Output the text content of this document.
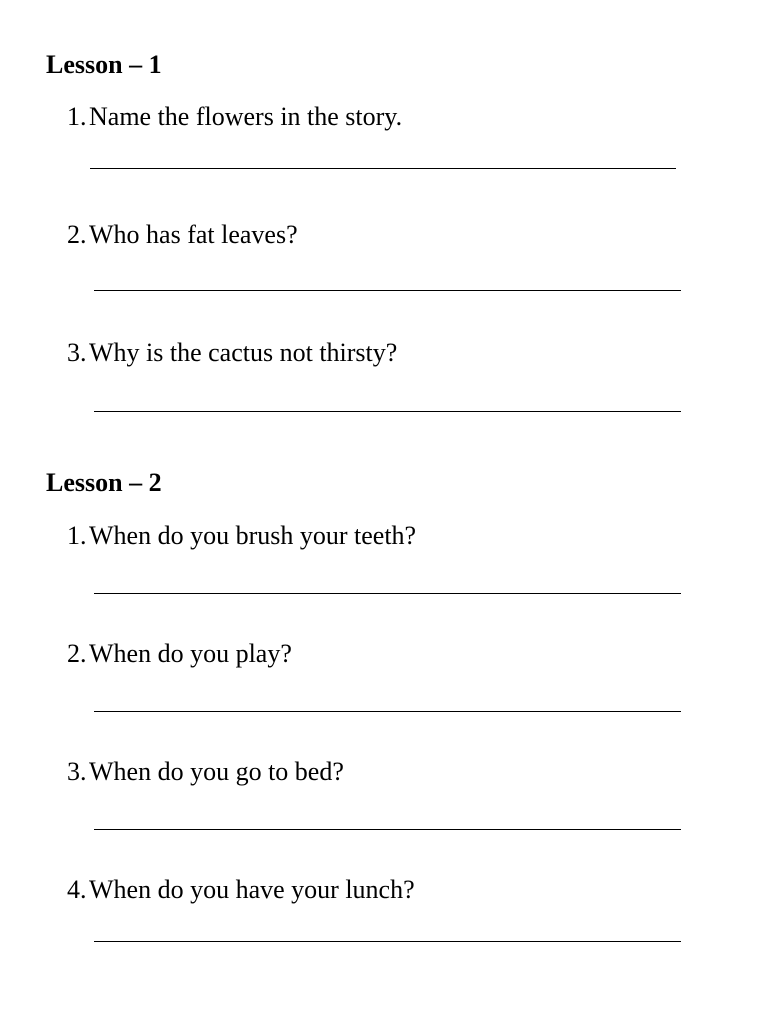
Lesson – 1
1.Name the flowers in the story.
2.Who has fat leaves?
3.Why is the cactus not thirsty?
Lesson – 2
1.When do you brush your teeth?
2.When do you play?
3.When do you go to bed?
4.When do you have your lunch?
